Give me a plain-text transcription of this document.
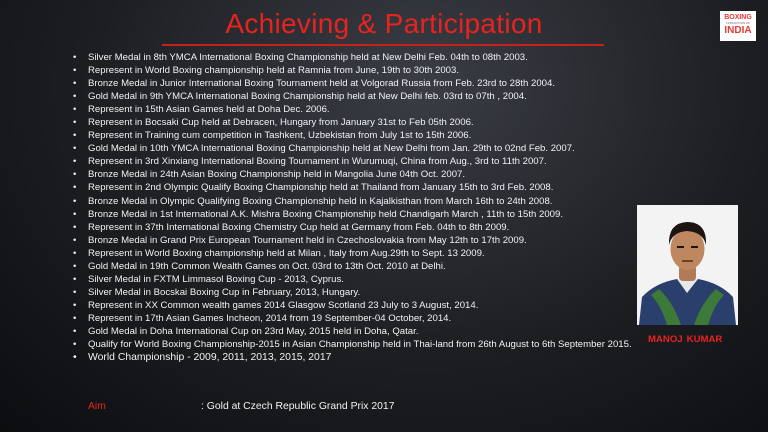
Achieving & Participation	BOXING
FEDERATION OF
INDIA
• Silver Medal in 8th YMCA International Boxing Championship held at New Delhi Feb. 04th to 08th 2003.
• Represent in World Boxing championship held at Ramnia from June, 19th to 30th 2003.
• Bronze Medal in Junior International Boxing Tournament held at Volgorad Russia from Feb. 23rd to 28th 2004.
• Gold Medal in 9th YMCA International Boxing Championship held at New Delhi feb. 03rd to 07th , 2004.
• Represent in 15th Asian Games held at Doha Dec. 2006.
• Represent in Bocsaki Cup held at Debracen, Hungary from January 31st to Feb 05th 2006.
• Represent in Training cum competition in Tashkent, Uzbekistan from July 1st to 15th 2006.
• Gold Medal in 10th YMCA International Boxing Championship held at New Delhi from Jan. 29th to 02nd Feb. 2007.
• Represent in 3rd Xinxiang International Boxing Tournament in Wurumuqi, China from Aug., 3rd to 11th 2007.
• Bronze Medal in 24th Asian Boxing Championship held in Mangolia June 04th Oct. 2007.
• Represent in 2nd Olympic Qualify Boxing Championship held at Thailand from January 15th to 3rd Feb. 2008.
• Bronze Medal in Olympic Qualifying Boxing Championship held in Kajalkisthan from March 16th to 24th 2008.
• Bronze Medal in 1st International A.K. Mishra Boxing Championship held Chandigarh March , 11th to 15th 2009.
• Represent in 37th International Boxing Chemistry Cup held at Germany from Feb. 04th to 8th 2009.
• Bronze Medal in Grand Prix European Tournament held in Czechoslovakia from May 12th to 17th 2009.
• Represent in World Boxing championship held at Milan , Italy from Aug.29th to Sept. 13 2009.
• Gold Medal in 19th Common Wealth Games on Oct. 03rd to 13th Oct. 2010 at Delhi.
• Silver Medal in FXTM Limmasol Boxing Cup - 2013, Cyprus.
• Silver Medal in Bocskai Boxing Cup in February, 2013, Hungary.
• Represent in XX Common wealth games 2014 Glasgow Scotland 23 July to 3 August, 2014.
• Represent in 17th Asian Games Incheon, 2014 from 19 September-04 October, 2014.
• Gold Medal in Doha International Cup on 23rd May, 2015 held in Doha, Qatar.
• Qualify for World Boxing Championship-2015 in Asian Championship held in Thai-land from 26th August to 6th September 2015.
• World Championship - 2009, 2011, 2013, 2015, 2017
Aim	: Gold at Czech Republic Grand Prix 2017
MANOJ KUMAR
